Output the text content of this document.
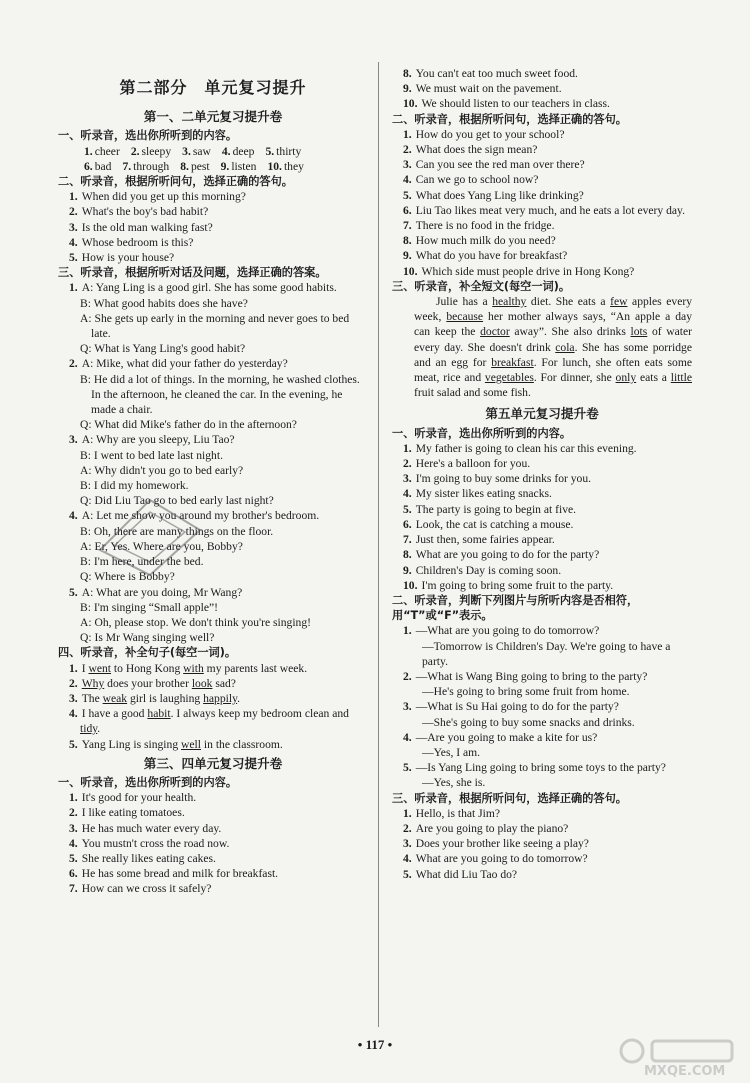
第二部分　单元复习提升
第一、二单元复习提升卷
一、听录音，选出你所听到的内容。
1. cheer 2. sleepy 3. saw 4. deep 5. thirty
6. bad 7. through 8. pest 9. listen 10. they
二、听录音，根据所听问句，选择正确的答句。
1. When did you get up this morning?
2. What's the boy's bad habit?
3. Is the old man walking fast?
4. Whose bedroom is this?
5. How is your house?
三、听录音，根据所听对话及问题，选择正确的答案。
1. A: Yang Ling is a good girl. She has some good habits.
B: What good habits does she have?
A: She gets up early in the morning and never goes to bed late.
Q: What is Yang Ling's good habit?
2. A: Mike, what did your father do yesterday?
B: He did a lot of things. In the morning, he washed clothes. In the afternoon, he cleaned the car. In the evening, he made a chair.
Q: What did Mike's father do in the afternoon?
3. A: Why are you sleepy, Liu Tao?
B: I went to bed late last night.
A: Why didn't you go to bed early?
B: I did my homework.
Q: Did Liu Tao go to bed early last night?
4. A: Let me show you around my brother's bedroom.
B: Oh, there are many things on the floor.
A: Er, Yes. Where are you, Bobby?
B: I'm here, under the bed.
Q: Where is Bobby?
5. A: What are you doing, Mr Wang?
B: I'm singing “Small apple”!
A: Oh, please stop. We don't think you're singing!
Q: Is Mr Wang singing well?
四、听录音，补全句子(每空一词)。
1. I went to Hong Kong with my parents last week.
2. Why does your brother look sad?
3. The weak girl is laughing happily.
4. I have a good habit. I always keep my bedroom clean and tidy.
5. Yang Ling is singing well in the classroom.
第三、四单元复习提升卷
一、听录音，选出你所听到的内容。
1. It's good for your health.
2. I like eating tomatoes.
3. He has much water every day.
4. You mustn't cross the road now.
5. She really likes eating cakes.
6. He has some bread and milk for breakfast.
7. How can we cross it safely?
8. You can't eat too much sweet food.
9. We must wait on the pavement.
10. We should listen to our teachers in class.
二、听录音，根据所听问句，选择正确的答句。
1. How do you get to your school?
2. What does the sign mean?
3. Can you see the red man over there?
4. Can we go to school now?
5. What does Yang Ling like drinking?
6. Liu Tao likes meat very much, and he eats a lot every day.
7. There is no food in the fridge.
8. How much milk do you need?
9. What do you have for breakfast?
10. Which side must people drive in Hong Kong?
三、听录音，补全短文(每空一词)。
Julie has a healthy diet. She eats a few apples every week, because her mother always says, “An apple a day can keep the doctor away”. She also drinks lots of water every day. She doesn't drink cola. She has some porridge and an egg for breakfast. For lunch, she often eats some meat, rice and vegetables. For dinner, she only eats a little fruit salad and some fish.
第五单元复习提升卷
一、听录音，选出你所听到的内容。
1. My father is going to clean his car this evening.
2. Here's a balloon for you.
3. I'm going to buy some drinks for you.
4. My sister likes eating snacks.
5. The party is going to begin at five.
6. Look, the cat is catching a mouse.
7. Just then, some fairies appear.
8. What are you going to do for the party?
9. Children's Day is coming soon.
10. I'm going to bring some fruit to the party.
二、听录音，判断下列图片与所听内容是否相符，用“T”或“F”表示。
1. —What are you going to do tomorrow?
—Tomorrow is Children's Day. We're going to have a party.
2. —What is Wang Bing going to bring to the party?
—He's going to bring some fruit from home.
3. —What is Su Hai going to do for the party?
—She's going to buy some snacks and drinks.
4. —Are you going to make a kite for us?
—Yes, I am.
5. —Is Yang Ling going to bring some toys to the party?
—Yes, she is.
三、听录音，根据所听问句，选择正确的答句。
1. Hello, is that Jim?
2. Are you going to play the piano?
3. Does your brother like seeing a play?
4. What are you going to do tomorrow?
5. What did Liu Tao do?
• 117 •
MXQE.COM
